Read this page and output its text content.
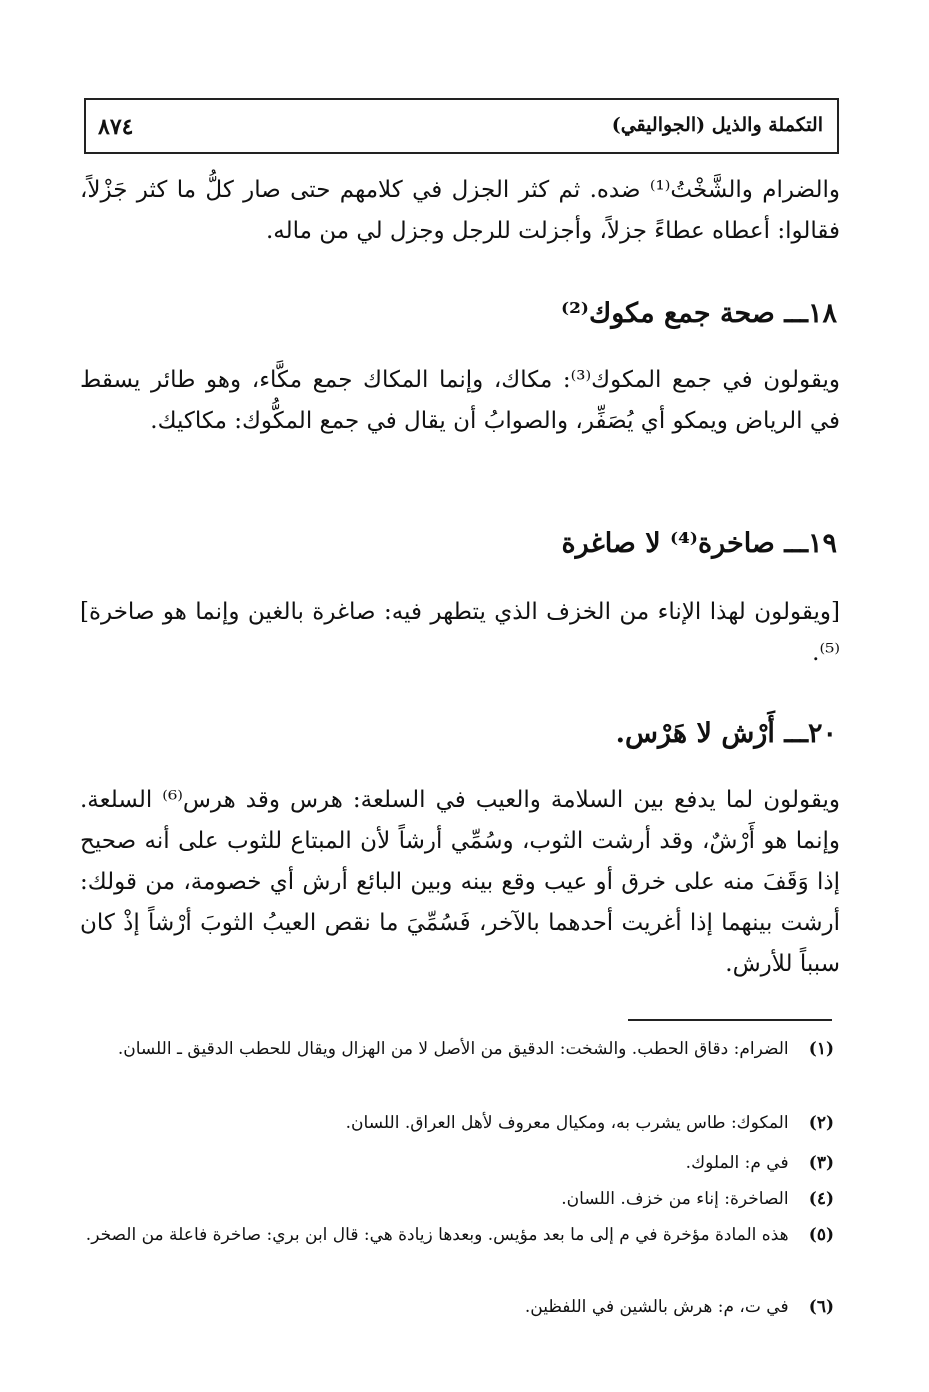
٨٧٤	التكملة والذيل (الجواليقي)
والضرام والشَّخْتُ⁽¹⁾ ضده. ثم كثر الجزل في كلامهم حتى صار كلُّ ما كثر جَزْلاً، فقالوا: أعطاه عطاءً جزلاً، وأجزلت للرجل وجزل لي من ماله.
١٨ـــ صحة جمع مكوك⁽²⁾
ويقولون في جمع المكوك⁽³⁾: مكاك، وإنما المكاك جمع مكَّاء، وهو طائر يسقط في الرياض ويمكو أي يُصَفِّر، والصوابُ أن يقال في جمع المكُّوك: مكاكيك.
١٩ـــ صاخرة⁽⁴⁾ لا صاغرة
[ويقولون لهذا الإناء من الخزف الذي يتطهر فيه: صاغرة بالغين وإنما هو صاخرة]⁽⁵⁾.
٢٠ـــ أَرْش لا هَرْس.
ويقولون لما يدفع بين السلامة والعيب في السلعة: هرس وقد هرس⁽⁶⁾ السلعة. وإنما هو أَرْشٌ، وقد أرشت الثوب، وسُمِّي أرشاً لأن المبتاع للثوب على أنه صحيح إذا وَقَفَ منه على خرق أو عيب وقع بينه وبين البائع أرش أي خصومة، من قولك: أرشت بينهما إذا أغريت أحدهما بالآخر، فَسُمِّيَ ما نقص العيبُ الثوبَ أرْشاً إذْ كان سبباً للأرش.
(١) الضرام: دقاق الحطب. والشخت: الدقيق من الأصل لا من الهزال ويقال للحطب الدقيق ـ اللسان.
(٢) المكوك: طاس يشرب به، ومكيال معروف لأهل العراق. اللسان.
(٣) في م: الملوك.
(٤) الصاخرة: إناء من خزف. اللسان.
(٥) هذه المادة مؤخرة في م إلى ما بعد مؤيس. وبعدها زيادة هي: قال ابن بري: صاخرة فاعلة من الصخر.
(٦) في ت، م: هرش بالشين في اللفظين.
